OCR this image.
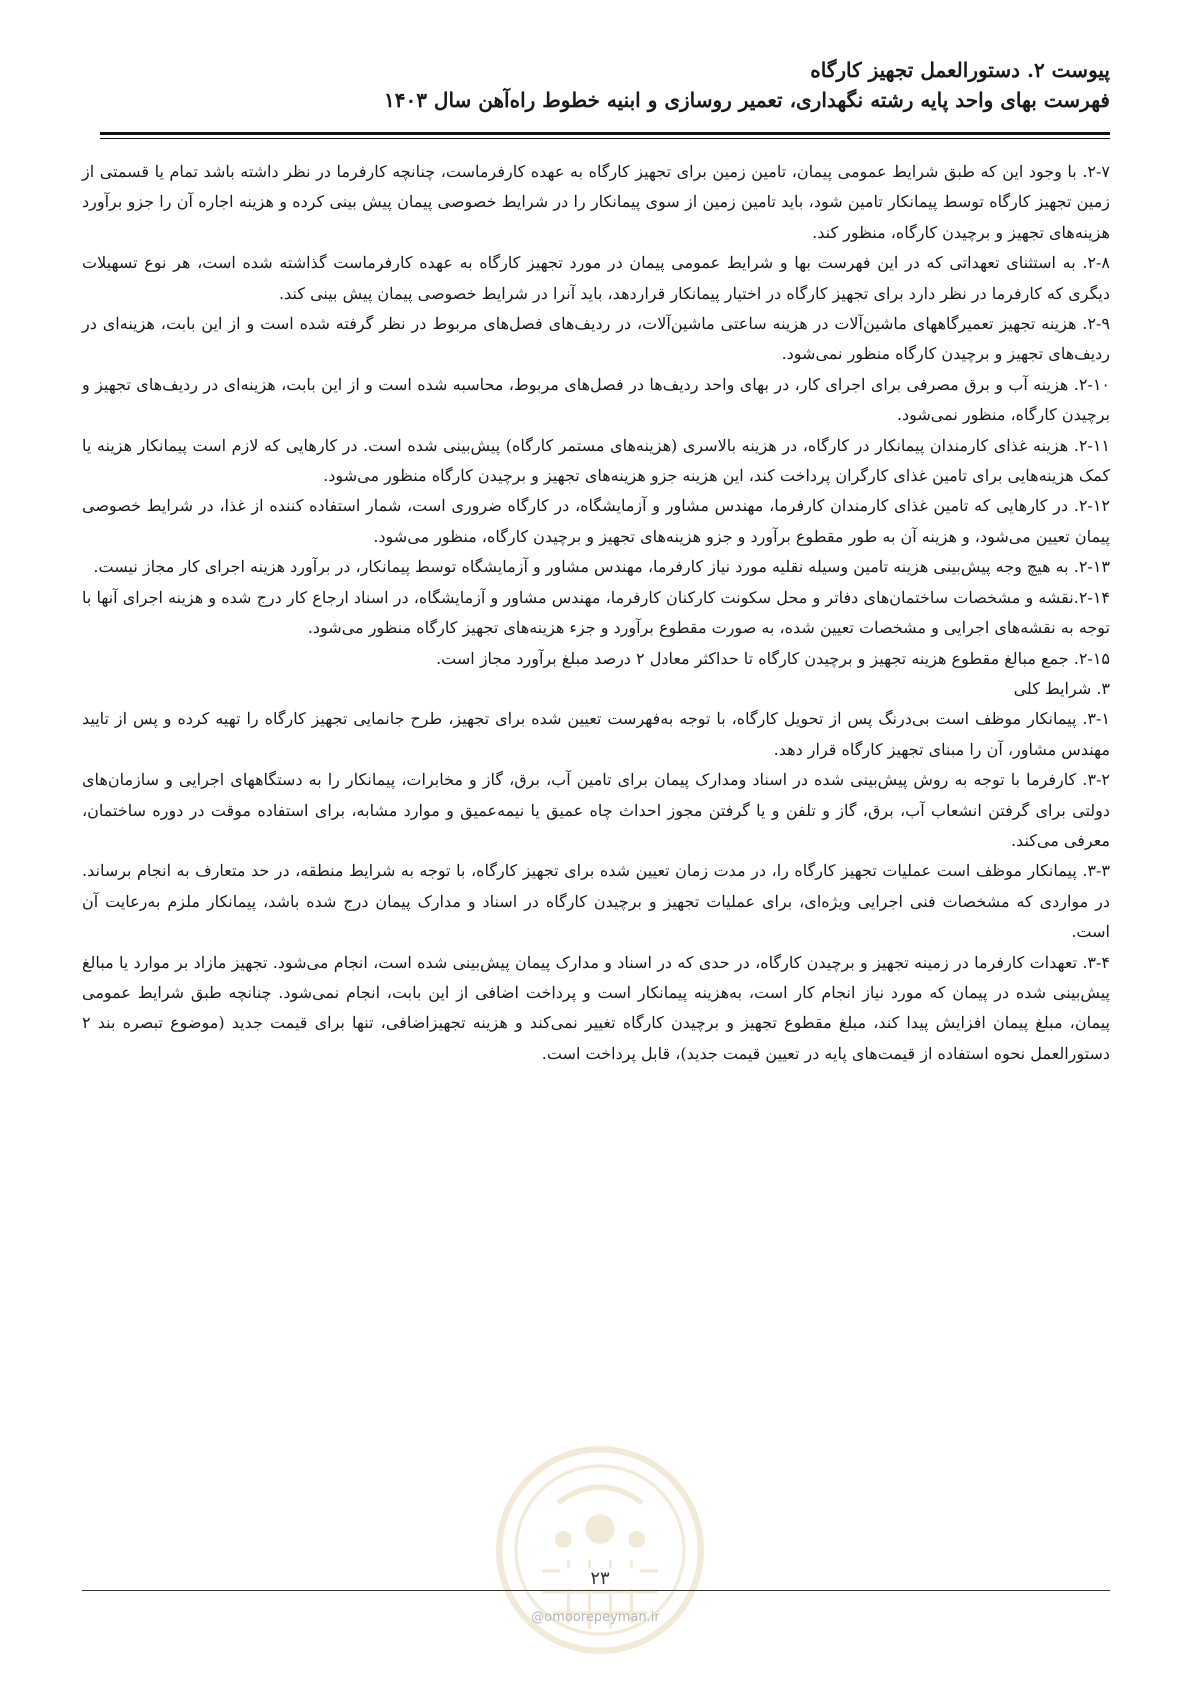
پیوست ۲. دستورالعمل تجهیز کارگاه
فهرست بهای واحد پایه رشته نگهداری، تعمیر روسازی و ابنیه خطوط راه‌آهن سال ۱۴۰۳

۲-۷. با وجود این که طبق شرایط عمومی پیمان، تامین زمین برای تجهیز کارگاه به عهده کارفرماست، چنانچه کارفرما در نظر داشته باشد تمام یا قسمتی از زمین تجهیز کارگاه توسط پیمانکار تامین شود، باید تامین زمین از سوی پیمانکار را در شرایط خصوصی پیمان پیش بینی کرده و هزینه اجاره آن را جزو برآورد هزینه‌های تجهیز و برچیدن کارگاه، منظور کند.

۲-۸. به استثنای تعهداتی که در این فهرست بها و شرایط عمومی پیمان در مورد تجهیز کارگاه به عهده کارفرماست گذاشته شده است، هر نوع تسهیلات دیگری که کارفرما در نظر دارد برای تجهیز کارگاه در اختیار پیمانکار قراردهد، باید آنرا در شرایط خصوصی پیمان پیش بینی کند.

۲-۹. هزینه تجهیز تعمیرگاههای ماشین‌آلات در هزینه ساعتی ماشین‌آلات، در ردیف‌های فصل‌های مربوط در نظر گرفته شده است و از این بابت، هزینه‌ای در ردیف‌های تجهیز و برچیدن کارگاه منظور نمی‌شود.

۲-۱۰. هزینه آب و برق مصرفی برای اجرای کار، در بهای واحد ردیف‌ها در فصل‌های مربوط، محاسبه شده است و از این بابت، هزینه‌ای در ردیف‌های تجهیز و برچیدن کارگاه، منظور نمی‌شود.

۲-۱۱. هزینه غذای کارمندان پیمانکار در کارگاه، در هزینه بالاسری (هزینه‌های مستمر کارگاه) پیش‌بینی شده است. در کارهایی که لازم است پیمانکار هزینه یا کمک هزینه‌هایی برای تامین غذای کارگران پرداخت کند، این هزینه جزو هزینه‌های تجهیز و برچیدن کارگاه منظور می‌شود.

۲-۱۲. در کارهایی که تامین غذای کارمندان کارفرما، مهندس مشاور و آزمایشگاه، در کارگاه ضروری است، شمار استفاده کننده از غذا، در شرایط خصوصی پیمان تعیین می‌شود، و هزینه آن به طور مقطوع برآورد و جزو هزینه‌های تجهیز و برچیدن کارگاه، منظور می‌شود.

۲-۱۳. به هیچ وجه پیش‌بینی هزینه تامین وسیله نقلیه مورد نیاز کارفرما، مهندس مشاور و آزمایشگاه توسط پیمانکار، در برآورد هزینه اجرای کار مجاز نیست.

۲-۱۴.نقشه و مشخصات ساختمان‌های دفاتر و محل سکونت کارکنان کارفرما، مهندس مشاور و آزمایشگاه، در اسناد ارجاع کار درج شده و هزینه اجرای آنها با توجه به نقشه‌های اجرایی و مشخصات تعیین شده، به صورت مقطوع برآورد و جزء هزینه‌های تجهیز کارگاه منظور می‌شود.

۲-۱۵. جمع مبالغ مقطوع هزینه تجهیز و برچیدن کارگاه تا حداکثر معادل ۲ درصد مبلغ برآورد مجاز است.

۳. شرایط کلی

۳-۱. پیمانکار موظف است بی‌درنگ پس از تحویل کارگاه، با توجه به‌فهرست تعیین شده برای تجهیز، طرح جانمایی تجهیز کارگاه را تهیه کرده و پس از تایید مهندس مشاور، آن را مبنای تجهیز کارگاه قرار دهد.

۳-۲. کارفرما با توجه به روش پیش‌بینی شده در اسناد ومدارک پیمان برای تامین آب، برق، گاز و مخابرات، پیمانکار را به دستگاههای اجرایی و سازمان‌های دولتی برای گرفتن انشعاب آب، برق، گاز و تلفن و یا گرفتن مجوز احداث چاه عمیق یا نیمه‌عمیق و موارد مشابه، برای استفاده موقت در دوره ساختمان، معرفی می‌کند.

۳-۳. پیمانکار موظف است عملیات تجهیز کارگاه را، در مدت زمان تعیین شده برای تجهیز کارگاه، با توجه به شرایط منطقه، در حد متعارف به انجام برساند. در مواردی که مشخصات فنی اجرایی ویژه‌ای، برای عملیات تجهیز و برچیدن کارگاه در اسناد و مدارک پیمان درج شده باشد، پیمانکار ملزم به‌رعایت آن است.

۳-۴. تعهدات کارفرما در زمینه تجهیز و برچیدن کارگاه، در حدی که در اسناد و مدارک پیمان پیش‌بینی شده است، انجام می‌شود. تجهیز مازاد بر موارد یا مبالغ پیش‌بینی شده در پیمان که مورد نیاز انجام کار است، به‌هزینه پیمانکار است و پرداخت اضافی از این بابت، انجام نمی‌شود. چنانچه طبق شرایط عمومی پیمان، مبلغ پیمان افزایش پیدا کند، مبلغ مقطوع تجهیز و برچیدن کارگاه تغییر نمی‌کند و هزینه تجهیزاضافی، تنها برای قیمت جدید (موضوع تبصره بند ۲ دستورالعمل نحوه استفاده از قیمت‌های پایه در تعیین قیمت جدید)، قابل پرداخت است.

۲۳
@omoorepeyman.ir
